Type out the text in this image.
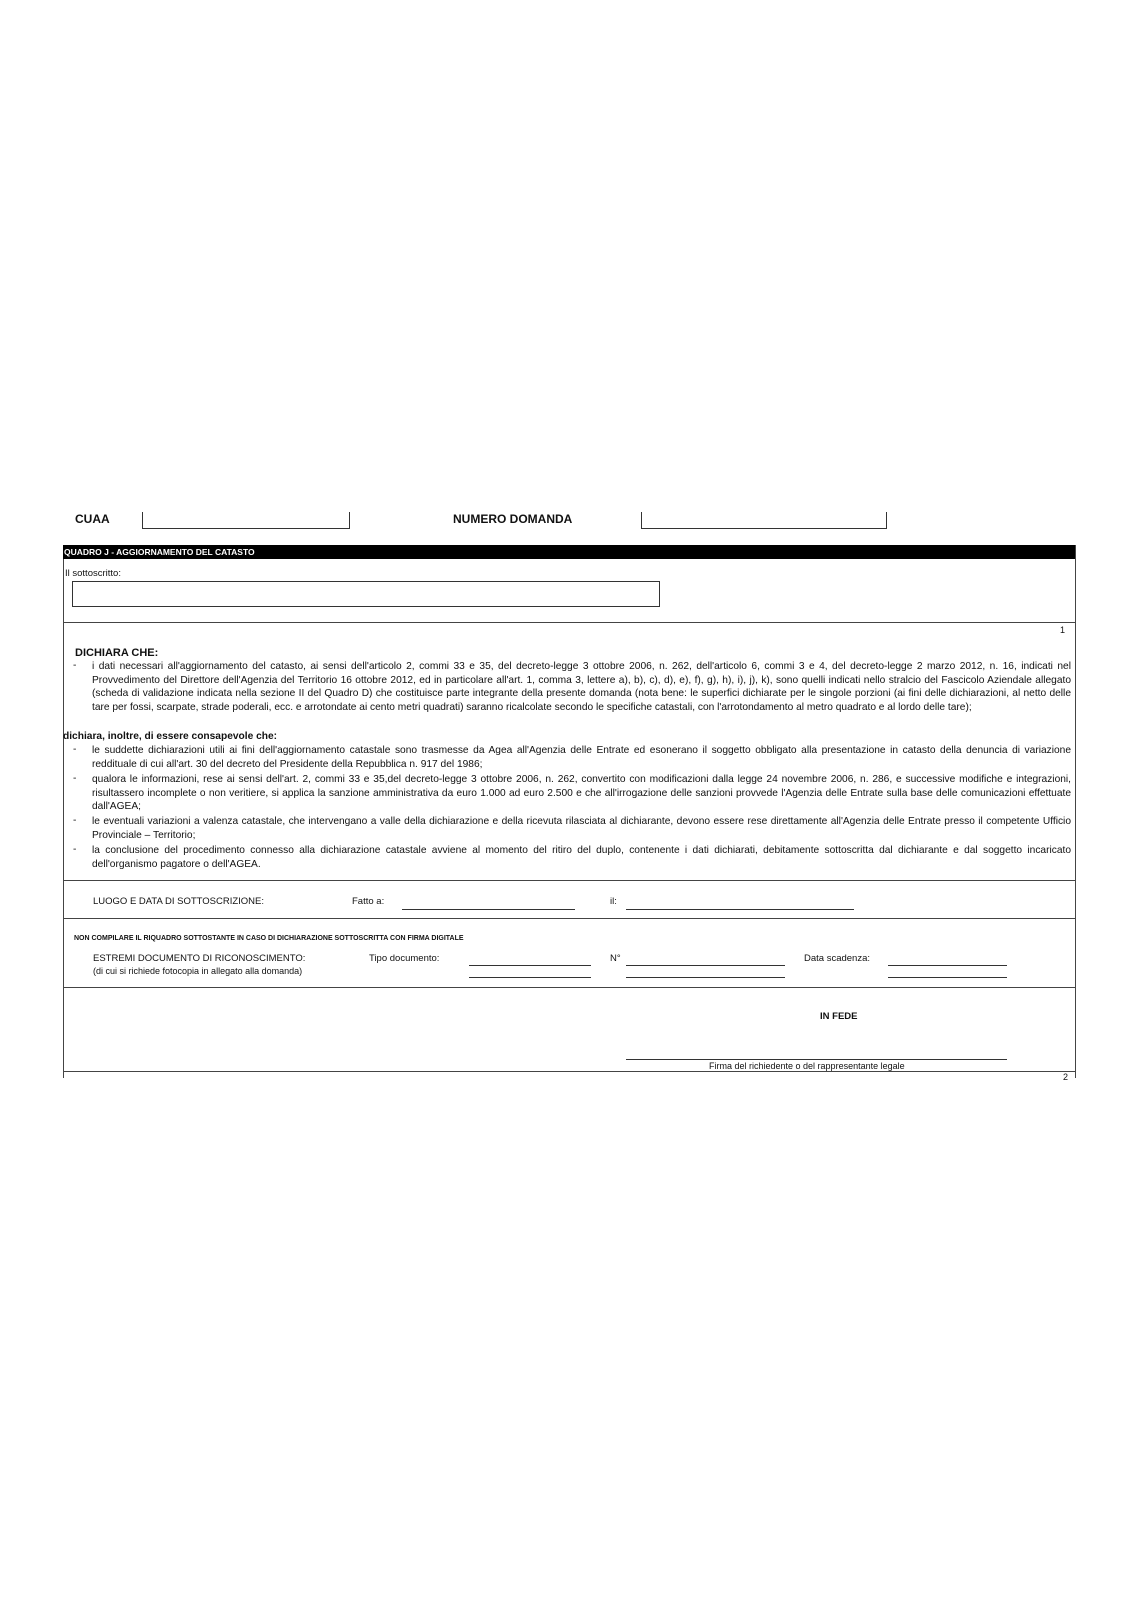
CUAA	NUMERO DOMANDA
QUADRO J - AGGIORNAMENTO DEL CATASTO
Il sottoscritto:
1
DICHIARA CHE:
- i dati necessari all'aggiornamento del catasto, ai sensi dell'articolo 2, commi 33 e 35, del decreto-legge 3 ottobre 2006, n. 262, dell'articolo 6, commi 3 e 4, del decreto-legge 2 marzo 2012, n. 16, indicati nel Provvedimento del Direttore dell'Agenzia del Territorio 16 ottobre 2012, ed in particolare all'art. 1, comma 3, lettere a), b), c), d), e), f), g), h), i), j), k), sono quelli indicati nello stralcio del Fascicolo Aziendale allegato (scheda di validazione indicata nella sezione II del Quadro D) che costituisce parte integrante della presente domanda (nota bene: le superfici dichiarate per le singole porzioni (ai fini delle dichiarazioni, al netto delle tare per fossi, scarpate, strade poderali, ecc. e arrotondate ai cento metri quadrati) saranno ricalcolate secondo le specifiche catastali, con l'arrotondamento al metro quadrato e al lordo delle tare);
dichiara, inoltre, di essere consapevole che:
- le suddette dichiarazioni utili ai fini dell'aggiornamento catastale sono trasmesse da Agea all'Agenzia delle Entrate ed esonerano il soggetto obbligato alla presentazione in catasto della denuncia di variazione reddituale di cui all'art. 30 del decreto del Presidente della Repubblica n. 917 del 1986;
- qualora le informazioni, rese ai sensi dell'art. 2, commi 33 e 35,del decreto-legge 3 ottobre 2006, n. 262, convertito con modificazioni dalla legge 24 novembre 2006, n. 286, e successive modifiche e integrazioni, risultassero incomplete o non veritiere, si applica la sanzione amministrativa da euro 1.000 ad euro 2.500 e che all'irrogazione delle sanzioni provvede l'Agenzia delle Entrate sulla base delle comunicazioni effettuate dall'AGEA;
- le eventuali variazioni a valenza catastale, che intervengano a valle della dichiarazione e della ricevuta rilasciata al dichiarante, devono essere rese direttamente all'Agenzia delle Entrate presso il competente Ufficio Provinciale – Territorio;
- la conclusione del procedimento connesso alla dichiarazione catastale avviene al momento del ritiro del duplo, contenente i dati dichiarati, debitamente sottoscritta dal dichiarante e dal soggetto incaricato dell'organismo pagatore o dell'AGEA.
LUOGO E DATA DI SOTTOSCRIZIONE:	Fatto a:	il:
NON COMPILARE IL RIQUADRO SOTTOSTANTE IN CASO DI DICHIARAZIONE SOTTOSCRITTA CON FIRMA DIGITALE
ESTREMI DOCUMENTO DI RICONOSCIMENTO:
(di cui si richiede fotocopia in allegato alla domanda)
Tipo documento:	N°	Data scadenza:
IN FEDE
Firma del richiedente o del rappresentante legale
2
